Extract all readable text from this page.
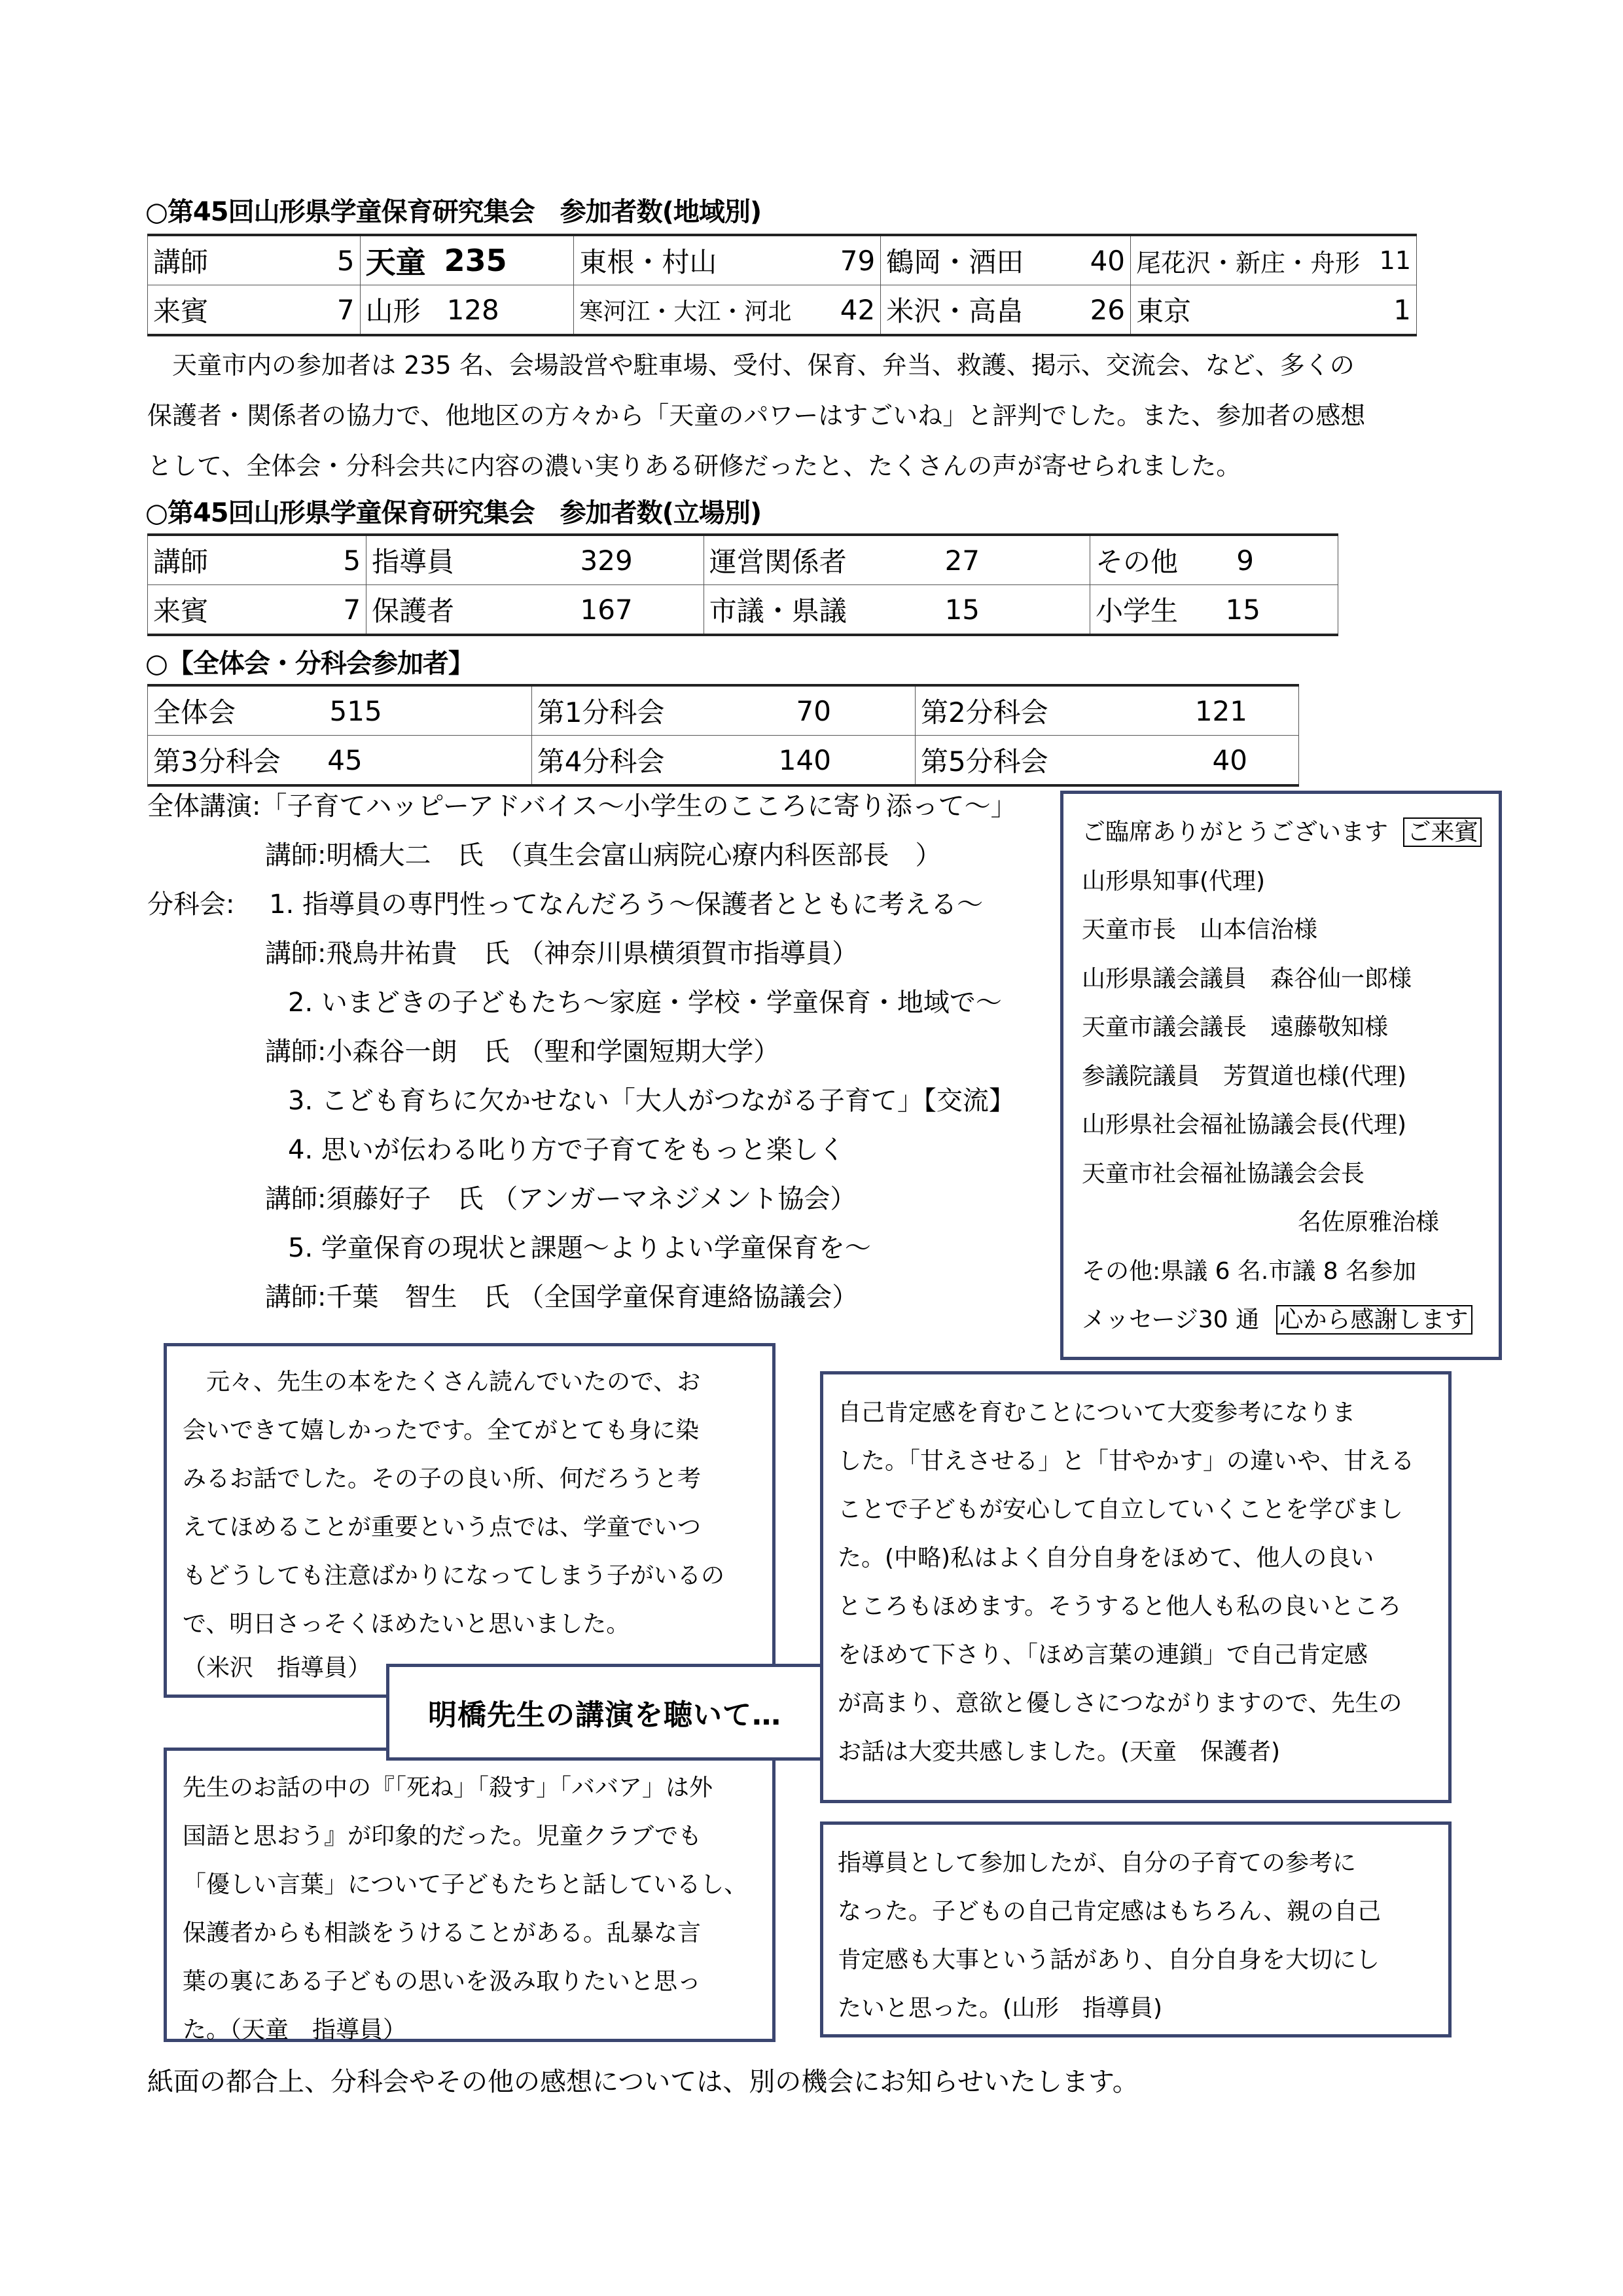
○第45回山形県学童保育研究集会　参加者数(地域別)
講師 5	天童 235	東根・村山 79	鶴岡・酒田 40	尾花沢・新庄・舟形 11

来賓 7	山形 128	寒河江・大江・河北 42	米沢・高畠 26	東京 1
　天童市内の参加者は 235 名、会場設営や駐車場、受付、保育、弁当、救護、掲示、交流会、など、多くの
保護者・関係者の協力で、他地区の方々から「天童のパワーはすごいね」と評判でした。また、参加者の感想
として、全体会・分科会共に内容の濃い実りある研修だったと、たくさんの声が寄せられました。
○第45回山形県学童保育研究集会　参加者数(立場別)
講師 5	指導員 329	運営関係者 27	その他 9

来賓 7	保護者 167	市議・県議 15	小学生 15
○【全体会・分科会参加者】
全体会 515	第1分科会 70	第2分科会 121

第3分科会 45	第4分科会 140	第5分科会 40
全体講演:「子育てハッピーアドバイス～小学生のこころに寄り添って～」
講師:明橋大二　氏　（真生会富山病院心療内科医部長　）
分科会:　 1. 指導員の専門性ってなんだろう～保護者とともに考える～
講師:飛鳥井祐貴　氏 （神奈川県横須賀市指導員）
2. いまどきの子どもたち～家庭・学校・学童保育・地域で～
講師:小森谷一朗　氏 （聖和学園短期大学）
3. こども育ちに欠かせない「大人がつながる子育て」【交流】
4. 思いが伝わる叱り方で子育てをもっと楽しく
講師:須藤好子　氏 （アンガーマネジメント協会）
5. 学童保育の現状と課題～よりよい学童保育を～
講師:千葉　智生　氏 （全国学童保育連絡協議会）
ご臨席ありがとうございます ご来賓
山形県知事(代理)
天童市長　山本信治様
山形県議会議員　森谷仙一郎様
天童市議会議長　遠藤敬知様
参議院議員　芳賀道也様(代理)
山形県社会福祉協議会長(代理)
天童市社会福祉協議会会長
名佐原雅治様
その他:県議 6 名.市議 8 名参加
メッセージ30 通 心から感謝します
　元々、先生の本をたくさん読んでいたので、お
会いできて嬉しかったです。全てがとても身に染
みるお話でした。その子の良い所、何だろうと考
えてほめることが重要という点では、学童でいつ
もどうしても注意ばかりになってしまう子がいるの
で、明日さっそくほめたいと思いました。
（米沢　指導員）
自己肯定感を育むことについて大変参考になりま
した。「甘えさせる」と「甘やかす」の違いや、甘える
ことで子どもが安心して自立していくことを学びまし
た。(中略)私はよく自分自身をほめて、他人の良い
ところもほめます。そうすると他人も私の良いところ
をほめて下さり、「ほめ言葉の連鎖」で自己肯定感
が高まり、意欲と優しさにつながりますので、先生の
お話は大変共感しました。(天童　保護者)
先生のお話の中の『「死ね」「殺す」「ババア」は外
国語と思おう』が印象的だった。児童クラブでも
「優しい言葉」について子どもたちと話しているし、
保護者からも相談をうけることがある。乱暴な言
葉の裏にある子どもの思いを汲み取りたいと思っ
た。（天童　指導員）
指導員として参加したが、自分の子育ての参考に
なった。子どもの自己肯定感はもちろん、親の自己
肯定感も大事という話があり、自分自身を大切にし
たいと思った。(山形　指導員)
明橋先生の講演を聴いて…
紙面の都合上、分科会やその他の感想については、別の機会にお知らせいたします。
